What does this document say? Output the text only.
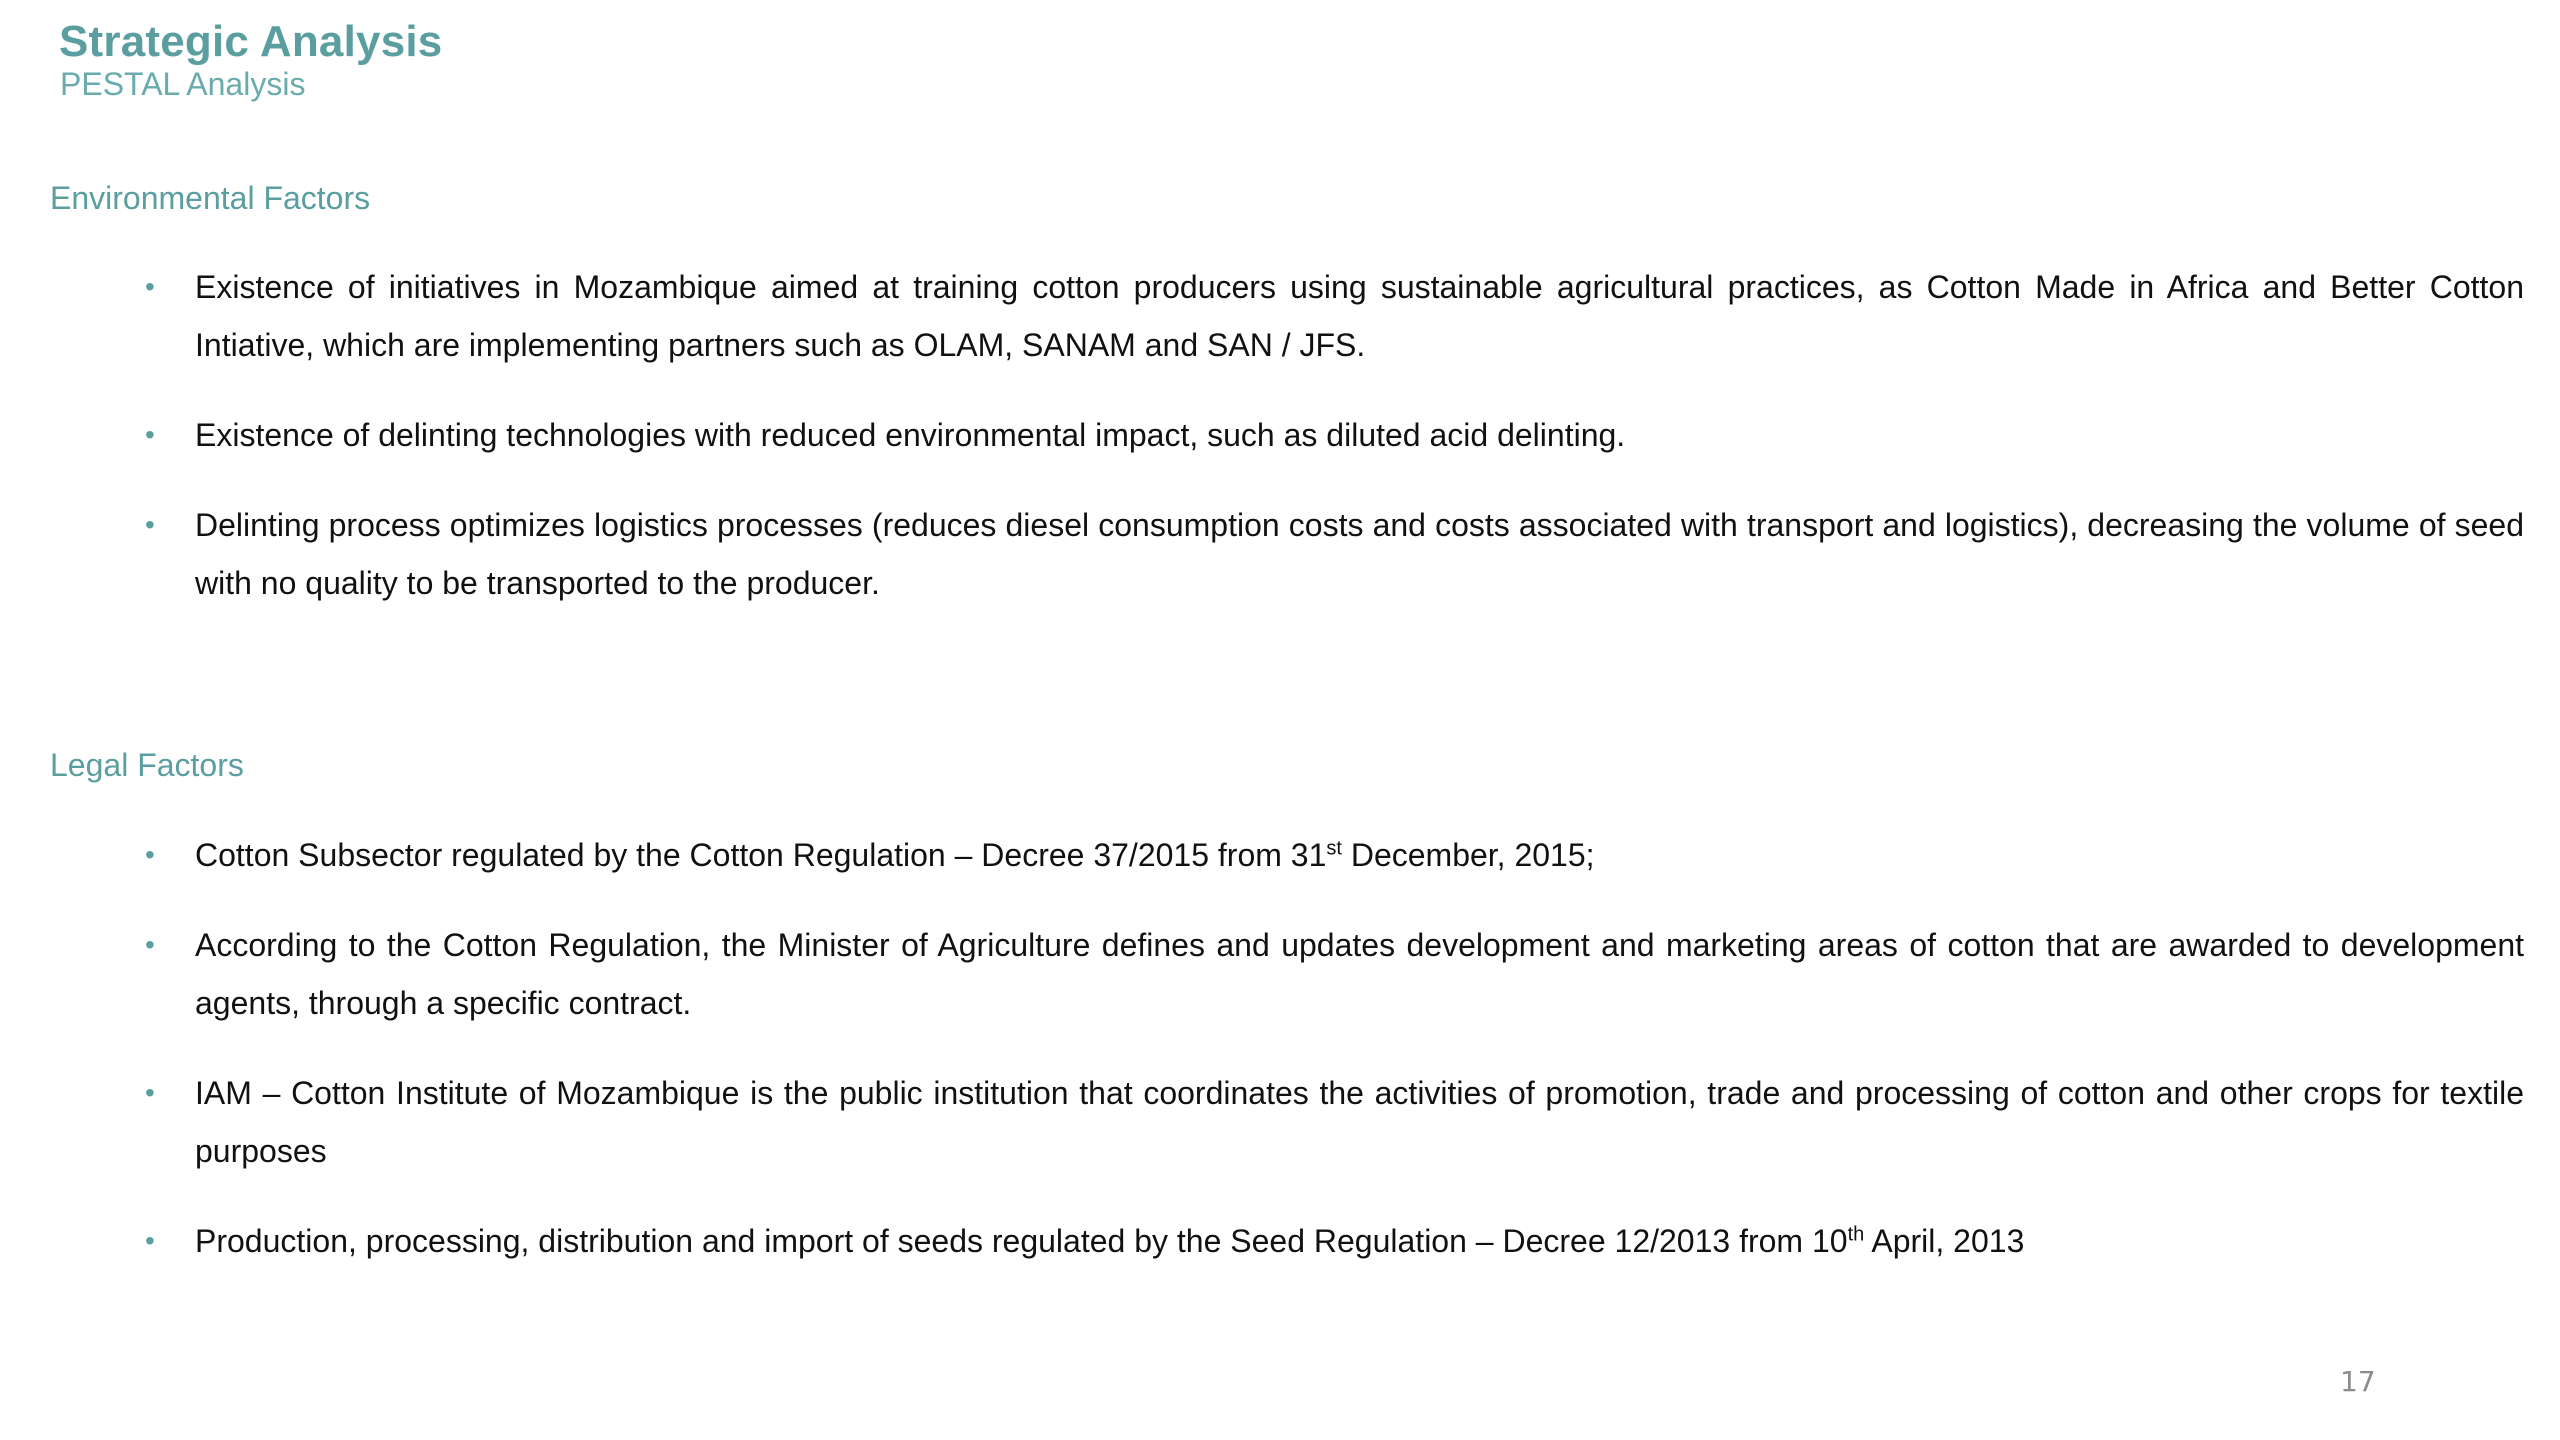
Strategic Analysis
PESTAL Analysis
Environmental Factors
• Existence of initiatives in Mozambique aimed at training cotton producers using sustainable agricultural practices, as Cotton Made in Africa and Better Cotton Intiative, which are implementing partners such as OLAM, SANAM and SAN / JFS.
• Existence of delinting technologies with reduced environmental impact, such as diluted acid delinting.
• Delinting process optimizes logistics processes (reduces diesel consumption costs and costs associated with transport and logistics), decreasing the volume of seed with no quality to be transported to the producer.
Legal Factors
• Cotton Subsector regulated by the Cotton Regulation – Decree 37/2015 from 31st December, 2015;
• According to the Cotton Regulation, the Minister of Agriculture defines and updates development and marketing areas of cotton that are awarded to development agents, through a specific contract.
• IAM – Cotton Institute of Mozambique is the public institution that coordinates the activities of promotion, trade and processing of cotton and other crops for textile purposes
• Production, processing, distribution and import of seeds regulated by the Seed Regulation – Decree 12/2013 from 10th April, 2013
17
